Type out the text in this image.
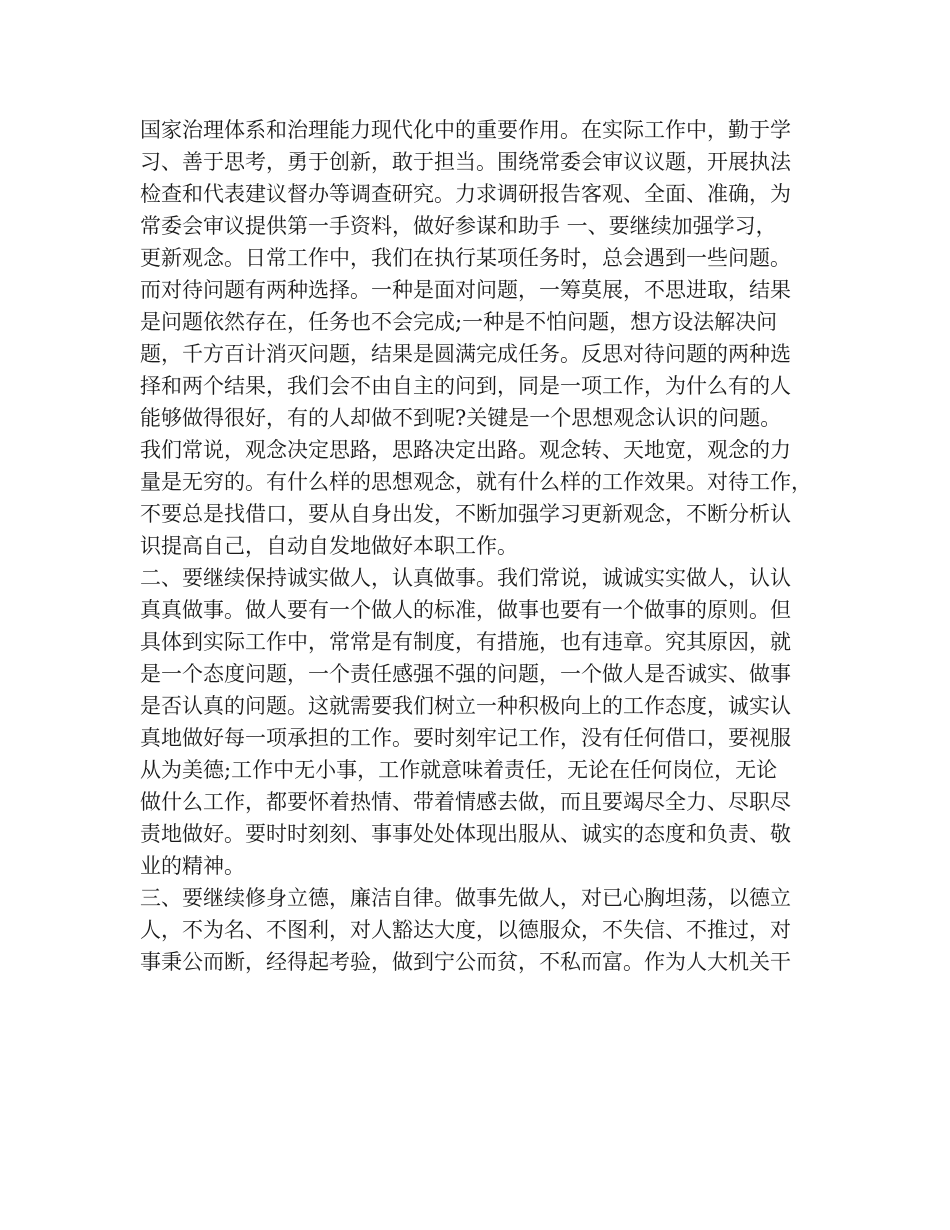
国家治理体系和治理能力现代化中的重要作用。在实际工作中，勤于学
习、善于思考，勇于创新，敢于担当。围绕常委会审议议题，开展执法
检查和代表建议督办等调查研究。力求调研报告客观、全面、准确，为
常委会审议提供第一手资料，做好参谋和助手 一、要继续加强学习，
更新观念。日常工作中，我们在执行某项任务时，总会遇到一些问题。
而对待问题有两种选择。一种是面对问题，一筹莫展，不思进取，结果
是问题依然存在，任务也不会完成;一种是不怕问题，想方设法解决问
题，千方百计消灭问题，结果是圆满完成任务。反思对待问题的两种选
择和两个结果，我们会不由自主的问到，同是一项工作，为什么有的人
能够做得很好，有的人却做不到呢?关键是一个思想观念认识的问题。
我们常说，观念决定思路，思路决定出路。观念转、天地宽，观念的力
量是无穷的。有什么样的思想观念，就有什么样的工作效果。对待工作，
不要总是找借口，要从自身出发，不断加强学习更新观念，不断分析认
识提高自己，自动自发地做好本职工作。
二、要继续保持诚实做人，认真做事。我们常说，诚诚实实做人，认认
真真做事。做人要有一个做人的标准，做事也要有一个做事的原则。但
具体到实际工作中，常常是有制度，有措施，也有违章。究其原因，就
是一个态度问题，一个责任感强不强的问题，一个做人是否诚实、做事
是否认真的问题。这就需要我们树立一种积极向上的工作态度，诚实认
真地做好每一项承担的工作。要时刻牢记工作，没有任何借口，要视服
从为美德;工作中无小事，工作就意味着责任，无论在任何岗位，无论
做什么工作，都要怀着热情、带着情感去做，而且要竭尽全力、尽职尽
责地做好。要时时刻刻、事事处处体现出服从、诚实的态度和负责、敬
业的精神。
三、要继续修身立德，廉洁自律。做事先做人，对已心胸坦荡，以德立
人，不为名、不图利，对人豁达大度，以德服众，不失信、不推过，对
事秉公而断，经得起考验，做到宁公而贫，不私而富。作为人大机关干
